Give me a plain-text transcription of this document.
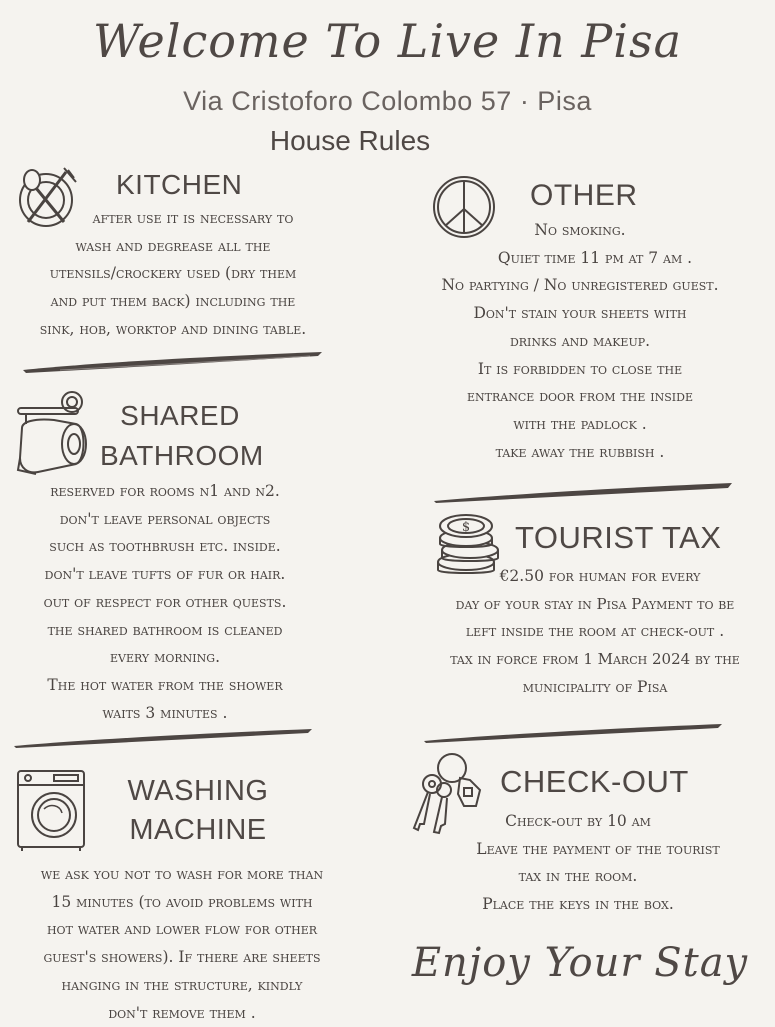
Welcome To Live In Pisa
Via Cristoforo Colombo 57 · Pisa
House Rules
KITCHEN
after use it is necessary to
wash and degrease all the
utensils/crockery used (dry them
and put them back) including the
sink, hob, worktop and dining table.
SHARED
BATHROOM
reserved for rooms n1 and n2.
don't leave personal objects
such as toothbrush etc. inside.
don't leave tufts of fur or hair.
out of respect for other quests.
the shared bathroom is cleaned
every morning.
The hot water from the shower
waits 3 minutes .
WASHING
MACHINE
we ask you not to wash for more than
15 minutes (to avoid problems with
hot water and lower flow for other
guest's showers). If there are sheets
hanging in the structure, kindly
don't remove them .
OTHER
No smoking.
Quiet time 11 pm at 7 am .
No partying / No unregistered guest.
Don't stain your sheets with
drinks and makeup.
It is forbidden to close the
entrance door from the inside
with the padlock .
take away the rubbish .
$ TOURIST TAX
€2.50 for human for every
day of your stay in Pisa Payment to be
left inside the room at check-out .
tax in force from 1 March 2024 by the
municipality of Pisa
CHECK-OUT
Check-out by 10 am
Leave the payment of the tourist
tax in the room.
Place the keys in the box.
Enjoy Your Stay
